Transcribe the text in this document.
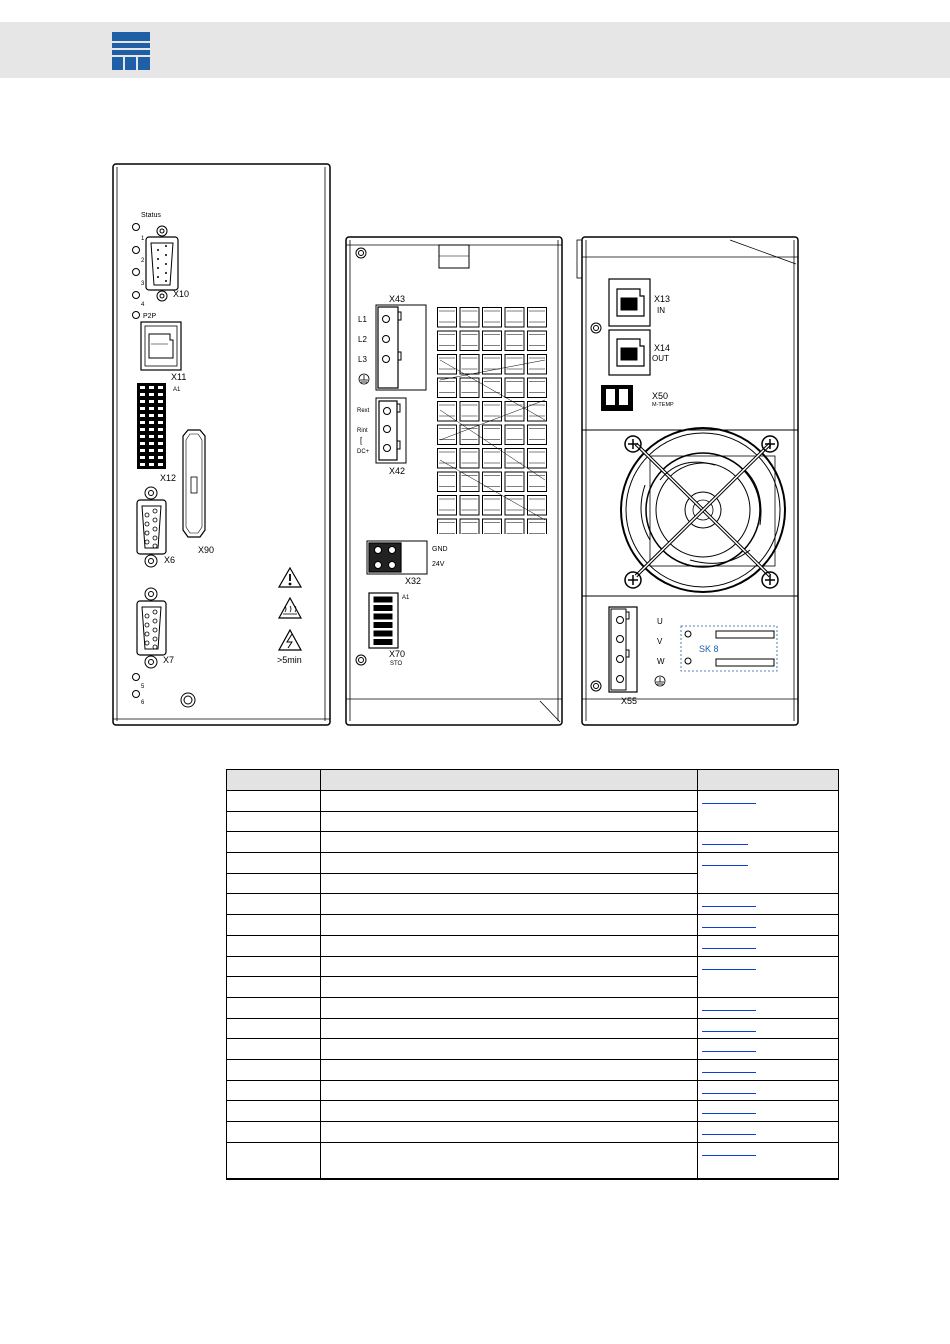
Status
1
2
3
4
P2P
5
6
X10
X11
A1
X12
X90
X6
X7	>5min
X43
L1
L2
L3
Rext
Rint
[
DC+
X42
GND
24V
X32
A1
X70
STO
X13
IN
X14
OUT
X50
M-TEMP
U
V
W
X55
SK 8
